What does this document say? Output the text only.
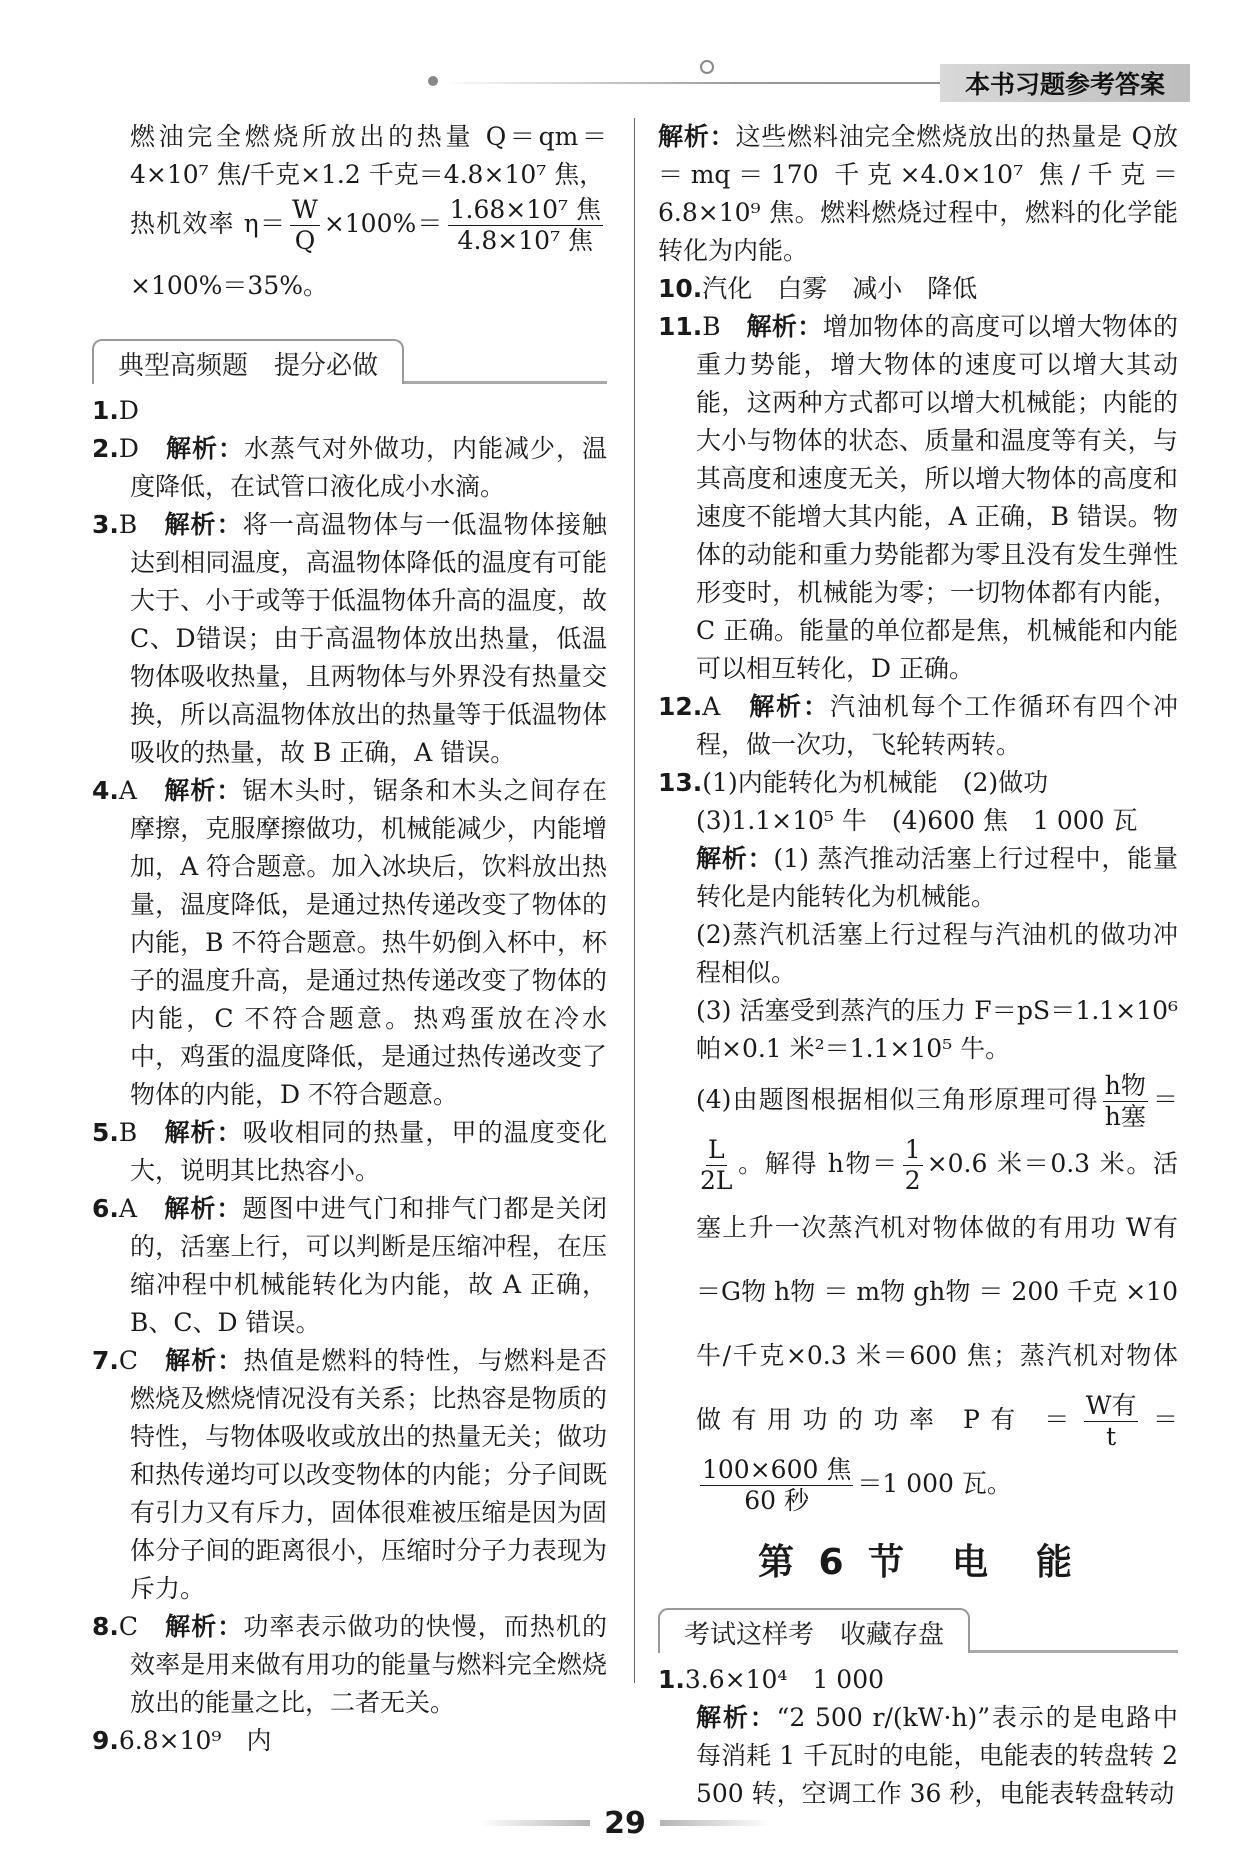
本书习题参考答案

燃油完全燃烧所放出的热量 Q＝qm＝4×10⁷ 焦/千克×1.2 千克＝4.8×10⁷ 焦，

热机效率 $\eta= \frac{W}{Q} \times 100\%= \frac{\text{1.68×10⁷ 焦}}{\text{4.8×10⁷ 焦}}$
×100%＝35%。

典型高频题　提分必做

1.D

2.D　 解析：水蒸气对外做功，内能减少，温度降低，在试管口液化成小水滴。

3.B　 解析：将一高温物体与一低温物体接触达到相同温度，高温物体降低的温度有可能大于、小于或等于低温物体升高的温度，故C、D错误；由于高温物体放出热量，低温物体吸收热量，且两物体与外界没有热量交换，所以高温物体放出的热量等于低温物体吸收的热量，故 B 正确，A 错误。

4.A　 解析：锯木头时，锯条和木头之间存在摩擦，克服摩擦做功，机械能减少，内能增加，A 符合题意。加入冰块后，饮料放出热量，温度降低，是通过热传递改变了物体的内能，B 不符合题意。热牛奶倒入杯中，杯子的温度升高，是通过热传递改变了物体的内能，C 不符合题意。热鸡蛋放在冷水中，鸡蛋的温度降低，是通过热传递改变了物体的内能，D 不符合题意。

5.B　 解析：吸收相同的热量，甲的温度变化大，说明其比热容小。

6.A　 解析：题图中进气门和排气门都是关闭的，活塞上行，可以判断是压缩冲程，在压缩冲程中机械能转化为内能，故 A 正确，B、C、D 错误。

7.C　 解析：热值是燃料的特性，与燃料是否燃烧及燃烧情况没有关系；比热容是物质的特性，与物体吸收或放出的热量无关；做功和热传递均可以改变物体的内能；分子间既有引力又有斥力，固体很难被压缩是因为固体分子间的距离很小，压缩时分子力表现为斥力。

8.C　 解析：功率表示做功的快慢，而热机的效率是用来做有用功的能量与燃料完全燃烧放出的能量之比，二者无关。

9.6.8×10⁹　内

解析：这些燃料油完全燃烧放出的热量是 Q放＝mq＝170 千克×4.0×10⁷ 焦/千克＝6.8×10⁹ 焦。燃料燃烧过程中，燃料的化学能转化为内能。

10.汽化　白雾　减小　降低

11.B　 解析：增加物体的高度可以增大物体的重力势能，增大物体的速度可以增大其动能，这两种方式都可以增大机械能；内能的大小与物体的状态、质量和温度等有关，与其高度和速度无关，所以增大物体的高度和速度不能增大其内能，A 正确，B 错误。物体的动能和重力势能都为零且没有发生弹性形变时，机械能为零；一切物体都有内能，C 正确。能量的单位都是焦，机械能和内能可以相互转化，D 正确。

12.A　 解析：汽油机每个工作循环有四个冲程，做一次功，飞轮转两转。

13.(1)内能转化为机械能　(2)做功

(3)1.1×10⁵ 牛　(4)600 焦　1 000 瓦

解析：(1) 蒸汽推动活塞上行过程中，能量转化是内能转化为机械能。

(2)蒸汽机活塞上行过程与汽油机的做功冲程相似。

(3) 活塞受到蒸汽的压力 F＝pS＝1.1×10⁶ 帕×0.1 米²＝1.1×10⁵ 牛。

(4)由题图根据相似三角形原理可得 $\frac{\text{h物}}{\text{h塞}}$ ＝
$\frac{L}{2L}$ 。解得 h物＝ $\frac{1}{2} \times 0.6$ 米＝0.3 米。活塞上升一次蒸汽机对物体做的有用功 W有＝G物 h物 ＝ m物 gh物 ＝ 200 千克 ×10 牛/千克×0.3 米＝600 焦；蒸汽机对物体做有用功的功率 P有 ＝ $\frac{\text{W有}}{t}$ ＝
$\frac{\text{100×600 焦}}{\text{60 秒}} =1$ 000 瓦。

第 6 节　电　能
考试这样考　收藏存盘

1.3.6×10⁴　1 000

解析：“2 500 r/(kW·h)”表示的是电路中每消耗 1 千瓦时的电能，电能表的转盘转 2 500 转，空调工作 36 秒，电能表转盘转动

29
